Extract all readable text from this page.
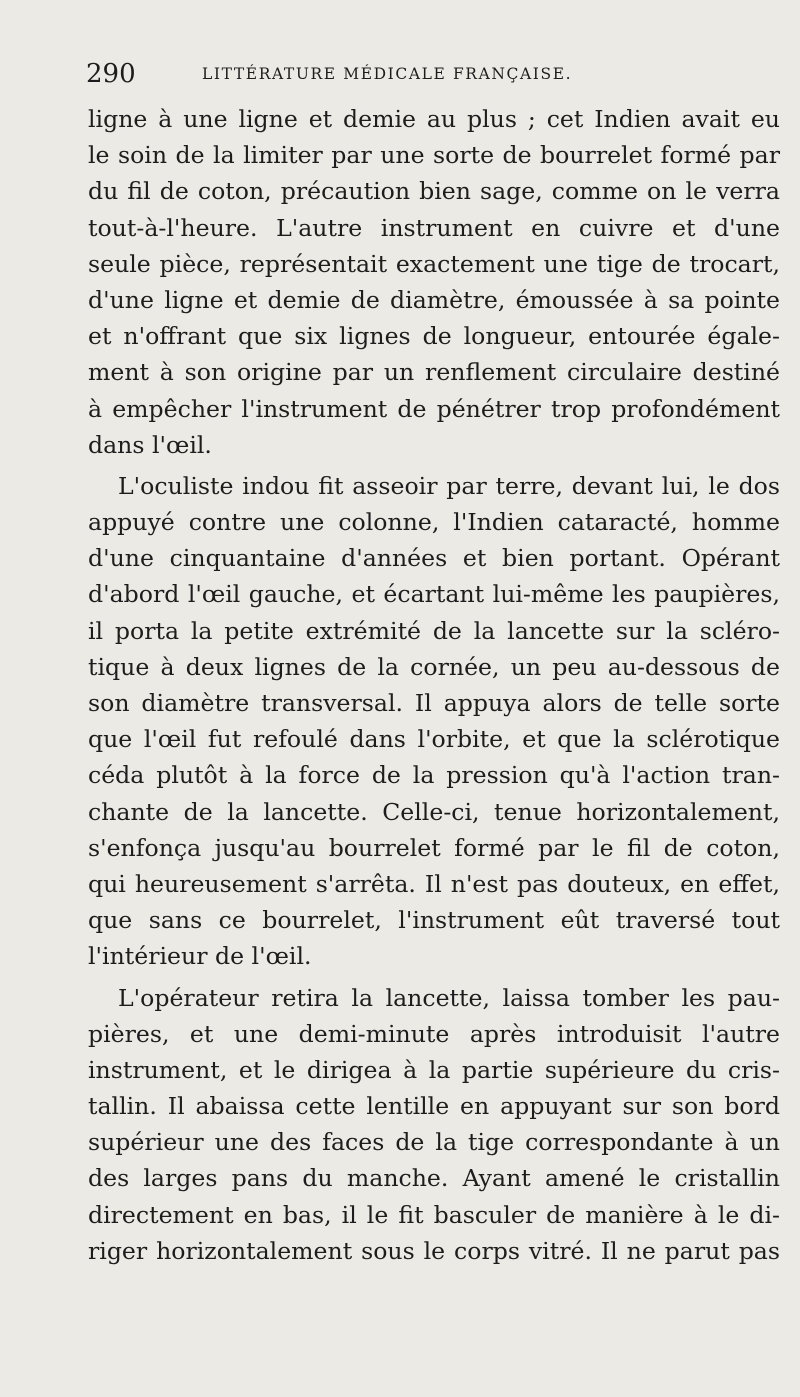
290	LITTÉRATURE MÉDICALE FRANÇAISE.
ligne à une ligne et demie au plus ; cet Indien avait eu
le soin de la limiter par une sorte de bourrelet formé par
du fil de coton, précaution bien sage, comme on le verra
tout-à-l'heure. L'autre instrument en cuivre et d'une
seule pièce, représentait exactement une tige de trocart,
d'une ligne et demie de diamètre, émoussée à sa pointe
et n'offrant que six lignes de longueur, entourée égale-
ment à son origine par un renflement circulaire destiné
à empêcher l'instrument de pénétrer trop profondément
dans l'œil.
L'oculiste indou fit asseoir par terre, devant lui, le dos
appuyé contre une colonne, l'Indien cataracté, homme
d'une cinquantaine d'années et bien portant. Opérant
d'abord l'œil gauche, et écartant lui-même les paupières,
il porta la petite extrémité de la lancette sur la scléro-
tique à deux lignes de la cornée, un peu au-dessous de
son diamètre transversal. Il appuya alors de telle sorte
que l'œil fut refoulé dans l'orbite, et que la sclérotique
céda plutôt à la force de la pression qu'à l'action tran-
chante de la lancette. Celle-ci, tenue horizontalement,
s'enfonça jusqu'au bourrelet formé par le fil de coton,
qui heureusement s'arrêta. Il n'est pas douteux, en effet,
que sans ce bourrelet, l'instrument eût traversé tout
l'intérieur de l'œil.
L'opérateur retira la lancette, laissa tomber les pau-
pières, et une demi-minute après introduisit l'autre
instrument, et le dirigea à la partie supérieure du cris-
tallin. Il abaissa cette lentille en appuyant sur son bord
supérieur une des faces de la tige correspondante à un
des larges pans du manche. Ayant amené le cristallin
directement en bas, il le fit basculer de manière à le di-
riger horizontalement sous le corps vitré. Il ne parut pas
